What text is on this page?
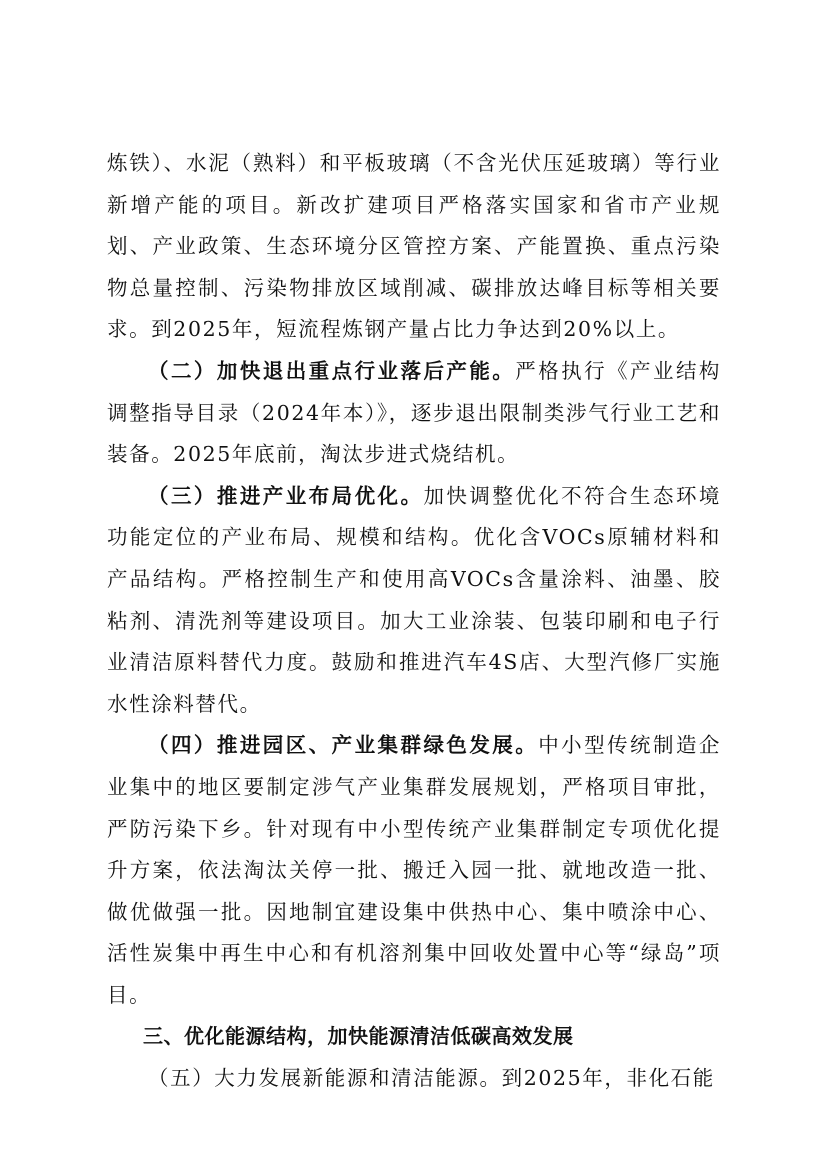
炼铁）、水泥（熟料）和平板玻璃（不含光伏压延玻璃）等行业新增产能的项目。新改扩建项目严格落实国家和省市产业规划、产业政策、生态环境分区管控方案、产能置换、重点污染物总量控制、污染物排放区域削减、碳排放达峰目标等相关要求。到2025年，短流程炼钢产量占比力争达到20%以上。

（二）加快退出重点行业落后产能。严格执行《产业结构调整指导目录（2024年本）》，逐步退出限制类涉气行业工艺和装备。2025年底前，淘汰步进式烧结机。

（三）推进产业布局优化。加快调整优化不符合生态环境功能定位的产业布局、规模和结构。优化含VOCs原辅材料和产品结构。严格控制生产和使用高VOCs含量涂料、油墨、胶粘剂、清洗剂等建设项目。加大工业涂装、包装印刷和电子行业清洁原料替代力度。鼓励和推进汽车4S店、大型汽修厂实施水性涂料替代。

（四）推进园区、产业集群绿色发展。中小型传统制造企业集中的地区要制定涉气产业集群发展规划，严格项目审批，严防污染下乡。针对现有中小型传统产业集群制定专项优化提升方案，依法淘汰关停一批、搬迁入园一批、就地改造一批、做优做强一批。因地制宜建设集中供热中心、集中喷涂中心、活性炭集中再生中心和有机溶剂集中回收处置中心等“绿岛”项目。

三、优化能源结构，加快能源清洁低碳高效发展

（五）大力发展新能源和清洁能源。到2025年，非化石能
